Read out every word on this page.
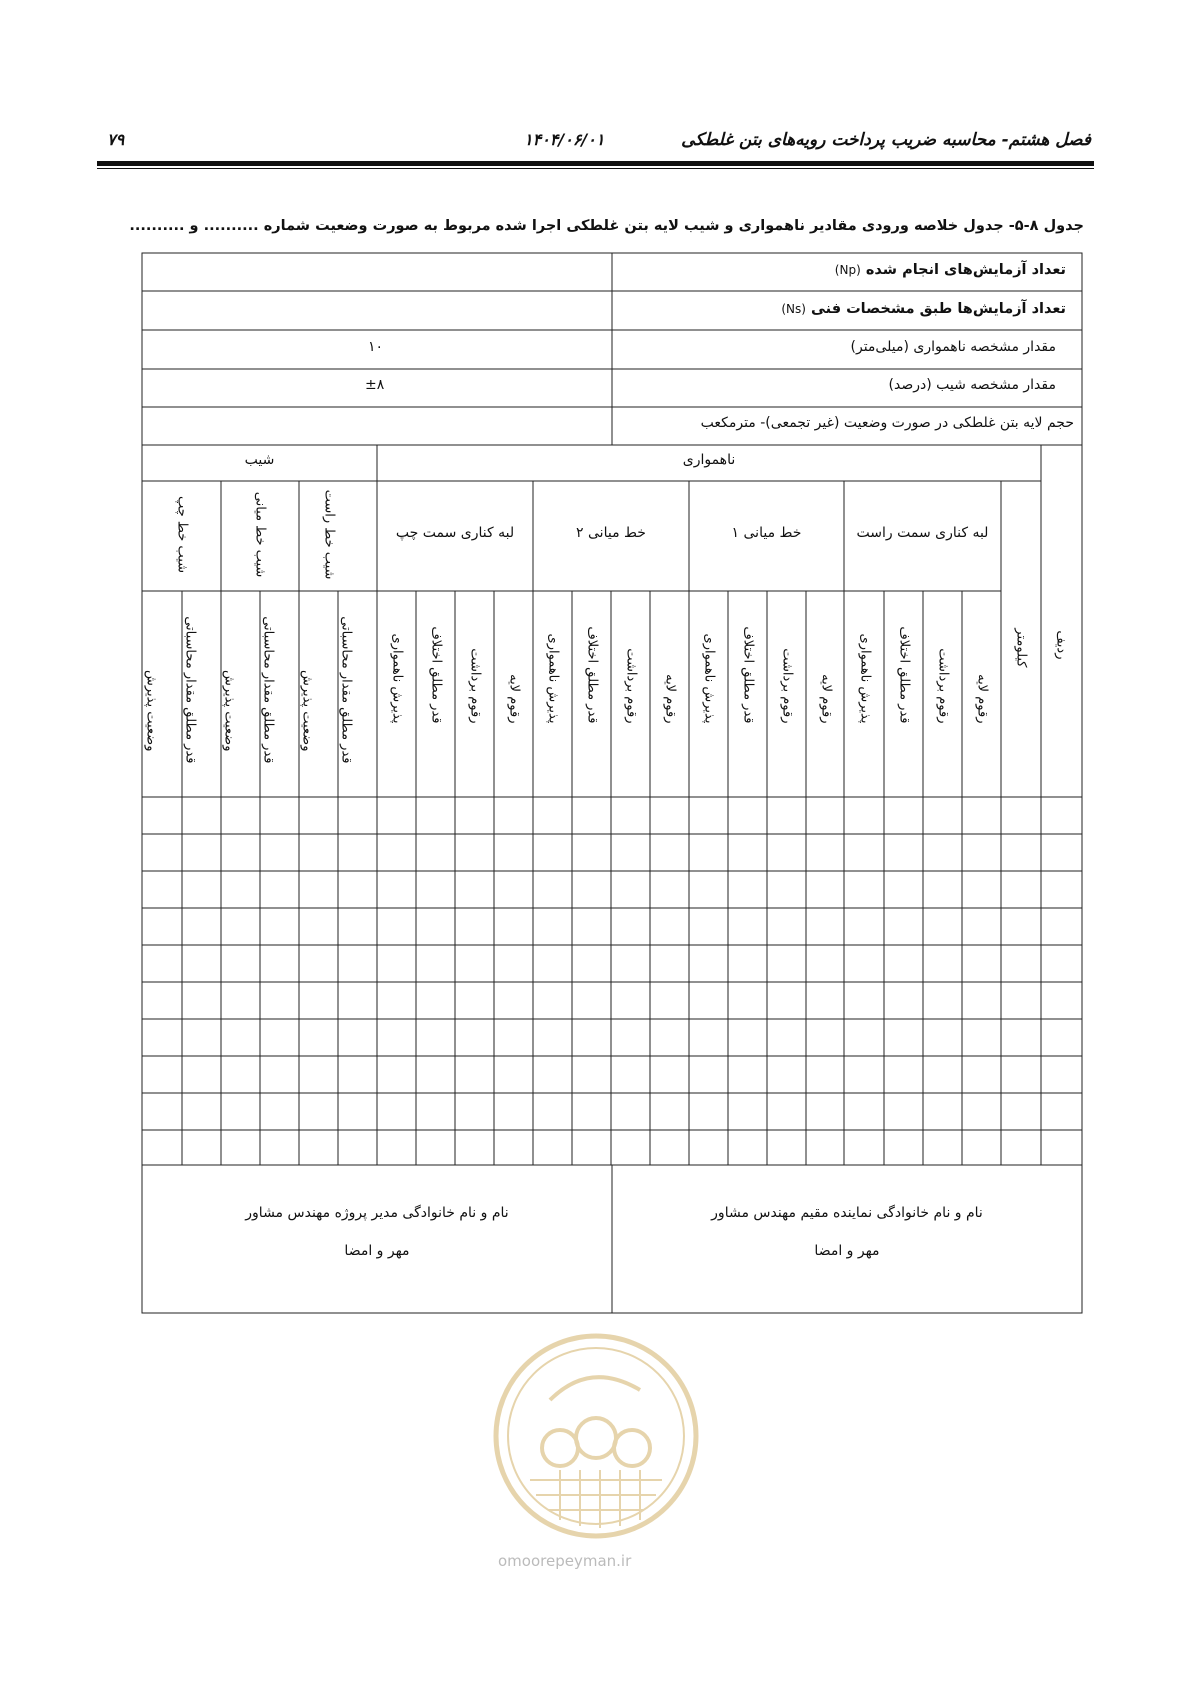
فصل هشتم- محاسبه ضریب پرداخت رویه‌های بتن غلطکی
۱۴۰۴/۰۶/۰۱
۷۹
جدول ۸-۵- جدول خلاصه ورودی مقادیر ناهمواری و شیب لایه بتن غلطکی اجرا شده مربوط به صورت وضعیت شماره .......... و ..........
تعداد آزمایش‌های انجام شده (Np)
تعداد آزمایش‌ها طبق مشخصات فنی (Ns)
مقدار مشخصه ناهمواری (میلی‌متر)
۱۰
مقدار مشخصه شیب (درصد)
±۸
حجم لایه بتن غلطکی در صورت وضعیت (غیر تجمعی)- مترمکعب
ناهمواری
شیب
لبه کناری سمت راست
خط میانی ۱
خط میانی ۲
لبه کناری سمت چپ
شیب خط راست
شیب خط میانی
شیب خط چپ
ردیف
کیلومتر
رقوم لایه
رقوم برداشت
قدر مطلق اختلاف
پذیرش ناهمواری
رقوم لایه
رقوم برداشت
قدر مطلق اختلاف
پذیرش ناهمواری
رقوم لایه
رقوم برداشت
قدر مطلق اختلاف
پذیرش ناهمواری
رقوم لایه
رقوم برداشت
قدر مطلق اختلاف
پذیرش ناهمواری
قدر مطلق مقدار محاسباتی
وضعیت پذیرش
قدر مطلق مقدار محاسباتی
وضعیت پذیرش
قدر مطلق مقدار محاسباتی
وضعیت پذیرش
نام و نام خانوادگی نماینده مقیم مهندس مشاور
مهر و امضا
نام و نام خانوادگی مدیر پروژه مهندس مشاور
مهر و امضا
omoorepeyman.ir
